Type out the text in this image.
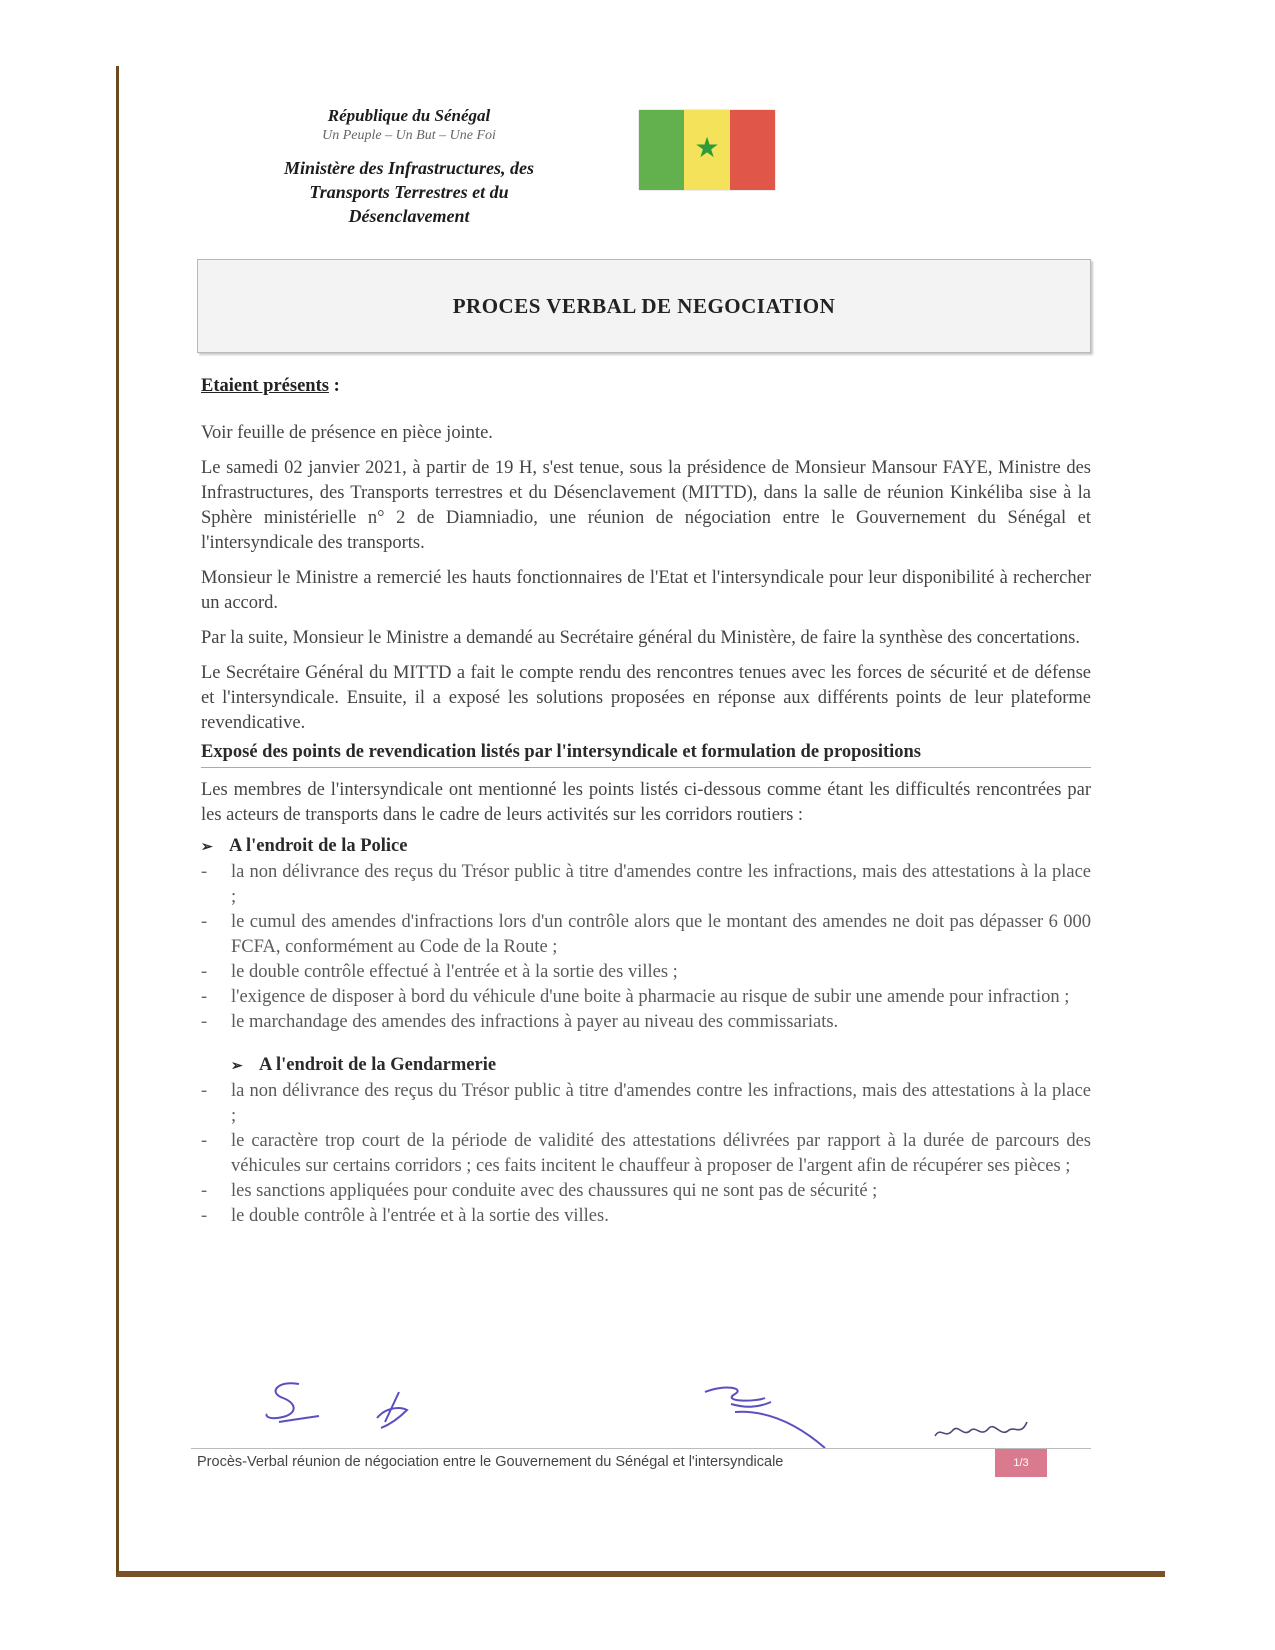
République du Sénégal
Un Peuple – Un But – Une Foi
Ministère des Infrastructures, des Transports Terrestres et du Désenclavement
★
PROCES VERBAL DE NEGOCIATION

Etaient présents :

Voir feuille de présence en pièce jointe.

Le samedi 02 janvier 2021, à partir de 19 H, s'est tenue, sous la présidence de Monsieur Mansour FAYE, Ministre des Infrastructures, des Transports terrestres et du Désenclavement (MITTD), dans la salle de réunion Kinkéliba sise à la Sphère ministérielle n° 2 de Diamniadio, une réunion de négociation entre le Gouvernement du Sénégal et l'intersyndicale des transports.

Monsieur le Ministre a remercié les hauts fonctionnaires de l'Etat et l'intersyndicale pour leur disponibilité à rechercher un accord.

Par la suite, Monsieur le Ministre a demandé au Secrétaire général du Ministère, de faire la synthèse des concertations.

Le Secrétaire Général du MITTD a fait le compte rendu des rencontres tenues avec les forces de sécurité et de défense et l'intersyndicale. Ensuite, il a exposé les solutions proposées en réponse aux différents points de leur plateforme revendicative.

Exposé des points de revendication listés par l'intersyndicale et formulation de propositions

Les membres de l'intersyndicale ont mentionné les points listés ci-dessous comme étant les difficultés rencontrées par les acteurs de transports dans le cadre de leurs activités sur les corridors routiers :

➢ A l'endroit de la Police
- la non délivrance des reçus du Trésor public à titre d'amendes contre les infractions, mais des attestations à la place ;
- le cumul des amendes d'infractions lors d'un contrôle alors que le montant des amendes ne doit pas dépasser 6 000 FCFA, conformément au Code de la Route ;
- le double contrôle effectué à l'entrée et à la sortie des villes ;
- l'exigence de disposer à bord du véhicule d'une boite à pharmacie au risque de subir une amende pour infraction ;
- le marchandage des amendes des infractions à payer au niveau des commissariats.
➢ A l'endroit de la Gendarmerie
- la non délivrance des reçus du Trésor public à titre d'amendes contre les infractions, mais des attestations à la place ;
- le caractère trop court de la période de validité des attestations délivrées par rapport à la durée de parcours des véhicules sur certains corridors ; ces faits incitent le chauffeur à proposer de l'argent afin de récupérer ses pièces ;
- les sanctions appliquées pour conduite avec des chaussures qui ne sont pas de sécurité ;
- le double contrôle à l'entrée et à la sortie des villes.
Procès-Verbal réunion de négociation entre le Gouvernement du Sénégal et l'intersyndicale	1/3
